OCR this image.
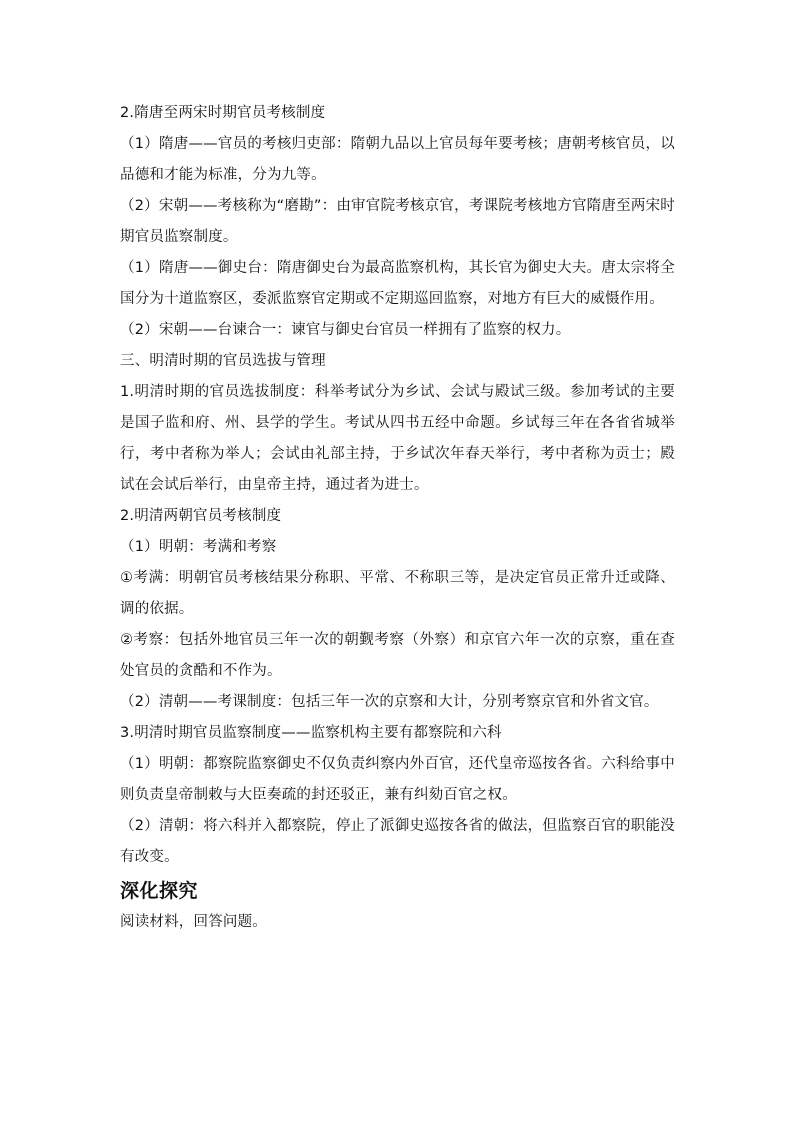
2.隋唐至两宋时期官员考核制度

（1）隋唐——官员的考核归吏部：隋朝九品以上官员每年要考核；唐朝考核官员，以品德和才能为标准，分为九等。

（2）宋朝——考核称为“磨勘”：由审官院考核京官，考课院考核地方官隋唐至两宋时期官员监察制度。

（1）隋唐——御史台：隋唐御史台为最高监察机构，其长官为御史大夫。唐太宗将全国分为十道监察区，委派监察官定期或不定期巡回监察，对地方有巨大的威慑作用。

（2）宋朝——台谏合一：谏官与御史台官员一样拥有了监察的权力。

三、明清时期的官员选拔与管理

1.明清时期的官员选拔制度：科举考试分为乡试、会试与殿试三级。参加考试的主要是国子监和府、州、县学的学生。考试从四书五经中命题。乡试每三年在各省省城举行，考中者称为举人；会试由礼部主持，于乡试次年春天举行，考中者称为贡士；殿试在会试后举行，由皇帝主持，通过者为进士。

2.明清两朝官员考核制度

（1）明朝：考满和考察

①考满：明朝官员考核结果分称职、平常、不称职三等，是决定官员正常升迁或降、调的依据。

②考察：包括外地官员三年一次的朝觐考察（外察）和京官六年一次的京察，重在查处官员的贪酷和不作为。

（2）清朝——考课制度：包括三年一次的京察和大计，分别考察京官和外省文官。

3.明清时期官员监察制度——监察机构主要有都察院和六科

（1）明朝：都察院监察御史不仅负责纠察内外百官，还代皇帝巡按各省。六科给事中则负责皇帝制敕与大臣奏疏的封还驳正，兼有纠劾百官之权。

（2）清朝：将六科并入都察院，停止了派御史巡按各省的做法，但监察百官的职能没有改变。

深化探究

阅读材料，回答问题。
